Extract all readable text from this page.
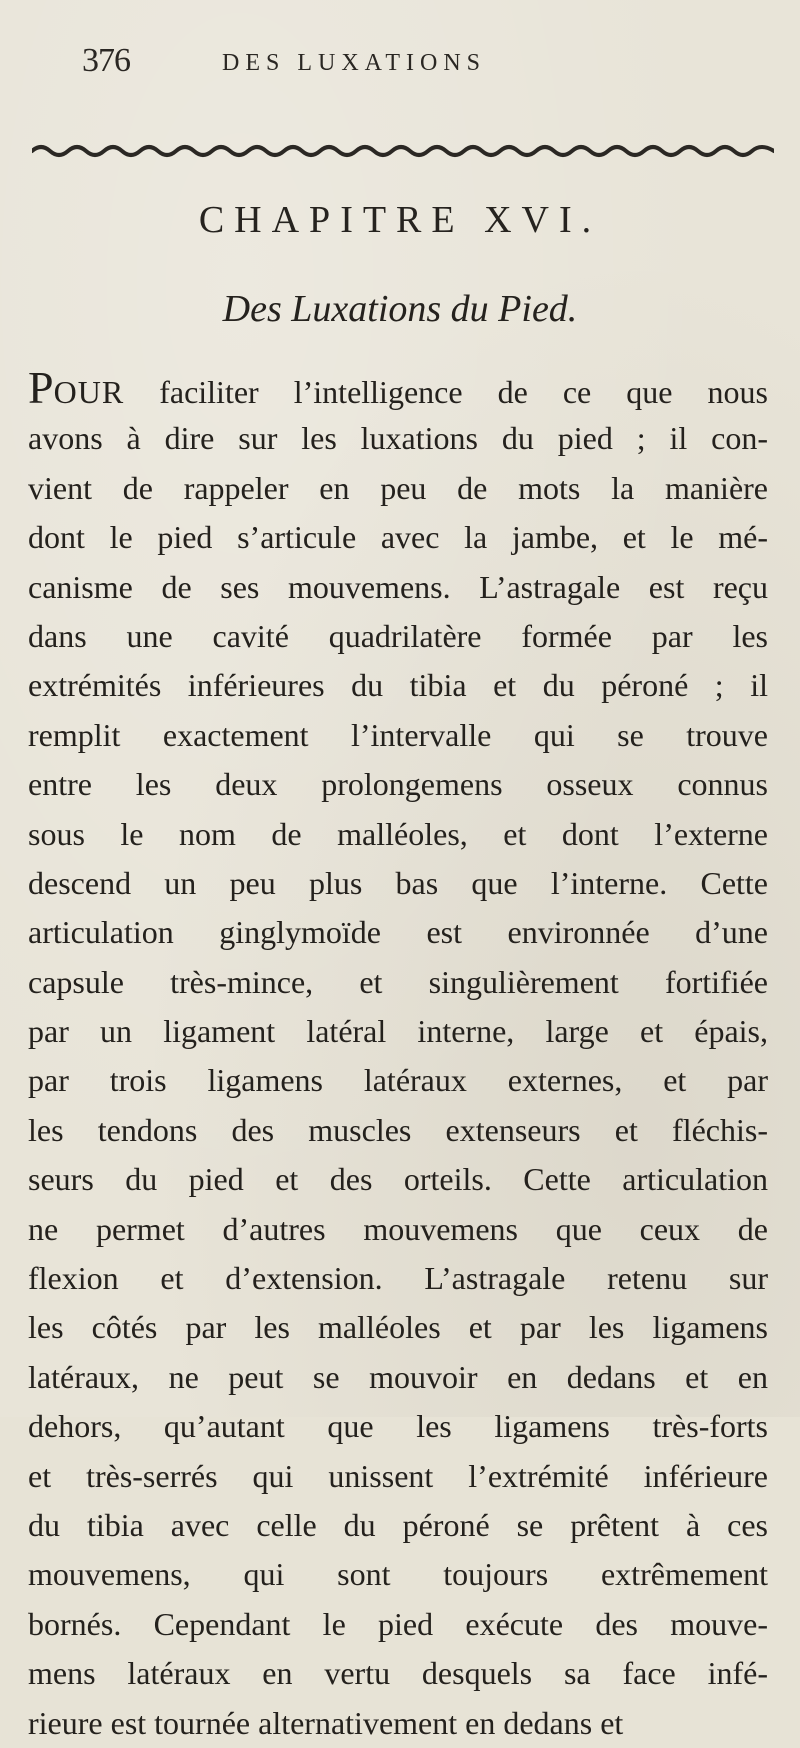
376	DES LUXATIONS
CHAPITRE XVI.
Des Luxations du Pied.
POUR faciliter l’intelligence de ce que nous
avons à dire sur les luxations du pied ; il con-
vient de rappeler en peu de mots la manière
dont le pied s’articule avec la jambe, et le mé-
canisme de ses mouvemens. L’astragale est reçu
dans une cavité quadrilatère formée par les
extrémités inférieures du tibia et du péroné ; il
remplit exactement l’intervalle qui se trouve
entre les deux prolongemens osseux connus
sous le nom de malléoles, et dont l’externe
descend un peu plus bas que l’interne. Cette
articulation ginglymoïde est environnée d’une
capsule très-mince, et singulièrement fortifiée
par un ligament latéral interne, large et épais,
par trois ligamens latéraux externes, et par
les tendons des muscles extenseurs et fléchis-
seurs du pied et des orteils. Cette articulation
ne permet d’autres mouvemens que ceux de
flexion et d’extension. L’astragale retenu sur
les côtés par les malléoles et par les ligamens
latéraux, ne peut se mouvoir en dedans et en
dehors, qu’autant que les ligamens très-forts
et très-serrés qui unissent l’extrémité inférieure
du tibia avec celle du péroné se prêtent à ces
mouvemens, qui sont toujours extrêmement
bornés. Cependant le pied exécute des mouve-
mens latéraux en vertu desquels sa face infé-
rieure est tournée alternativement en dedans et
